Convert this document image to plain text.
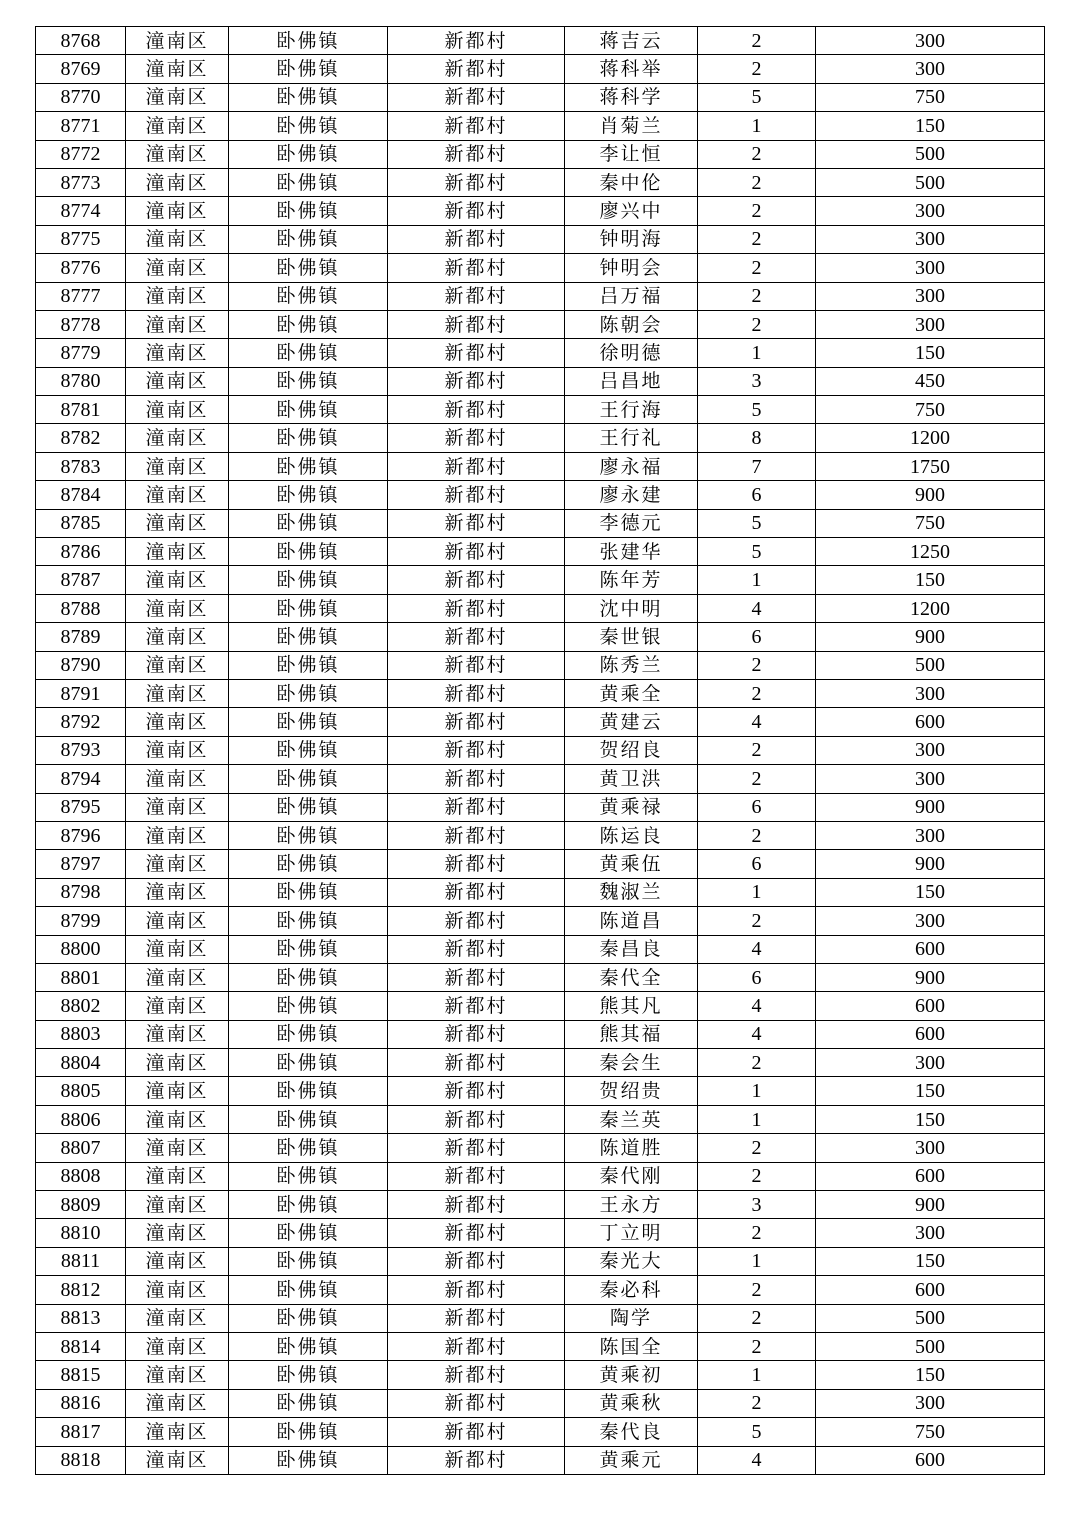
8768	潼南区	卧佛镇	新都村	蒋吉云	2	300
8769	潼南区	卧佛镇	新都村	蒋科举	2	300
8770	潼南区	卧佛镇	新都村	蒋科学	5	750
8771	潼南区	卧佛镇	新都村	肖菊兰	1	150
8772	潼南区	卧佛镇	新都村	李让恒	2	500
8773	潼南区	卧佛镇	新都村	秦中伦	2	500
8774	潼南区	卧佛镇	新都村	廖兴中	2	300
8775	潼南区	卧佛镇	新都村	钟明海	2	300
8776	潼南区	卧佛镇	新都村	钟明会	2	300
8777	潼南区	卧佛镇	新都村	吕万福	2	300
8778	潼南区	卧佛镇	新都村	陈朝会	2	300
8779	潼南区	卧佛镇	新都村	徐明德	1	150
8780	潼南区	卧佛镇	新都村	吕昌地	3	450
8781	潼南区	卧佛镇	新都村	王行海	5	750
8782	潼南区	卧佛镇	新都村	王行礼	8	1200
8783	潼南区	卧佛镇	新都村	廖永福	7	1750
8784	潼南区	卧佛镇	新都村	廖永建	6	900
8785	潼南区	卧佛镇	新都村	李德元	5	750
8786	潼南区	卧佛镇	新都村	张建华	5	1250
8787	潼南区	卧佛镇	新都村	陈年芳	1	150
8788	潼南区	卧佛镇	新都村	沈中明	4	1200
8789	潼南区	卧佛镇	新都村	秦世银	6	900
8790	潼南区	卧佛镇	新都村	陈秀兰	2	500
8791	潼南区	卧佛镇	新都村	黄乘全	2	300
8792	潼南区	卧佛镇	新都村	黄建云	4	600
8793	潼南区	卧佛镇	新都村	贺绍良	2	300
8794	潼南区	卧佛镇	新都村	黄卫洪	2	300
8795	潼南区	卧佛镇	新都村	黄乘禄	6	900
8796	潼南区	卧佛镇	新都村	陈运良	2	300
8797	潼南区	卧佛镇	新都村	黄乘伍	6	900
8798	潼南区	卧佛镇	新都村	魏淑兰	1	150
8799	潼南区	卧佛镇	新都村	陈道昌	2	300
8800	潼南区	卧佛镇	新都村	秦昌良	4	600
8801	潼南区	卧佛镇	新都村	秦代全	6	900
8802	潼南区	卧佛镇	新都村	熊其凡	4	600
8803	潼南区	卧佛镇	新都村	熊其福	4	600
8804	潼南区	卧佛镇	新都村	秦会生	2	300
8805	潼南区	卧佛镇	新都村	贺绍贵	1	150
8806	潼南区	卧佛镇	新都村	秦兰英	1	150
8807	潼南区	卧佛镇	新都村	陈道胜	2	300
8808	潼南区	卧佛镇	新都村	秦代刚	2	600
8809	潼南区	卧佛镇	新都村	王永方	3	900
8810	潼南区	卧佛镇	新都村	丁立明	2	300
8811	潼南区	卧佛镇	新都村	秦光大	1	150
8812	潼南区	卧佛镇	新都村	秦必科	2	600
8813	潼南区	卧佛镇	新都村	陶学	2	500
8814	潼南区	卧佛镇	新都村	陈国全	2	500
8815	潼南区	卧佛镇	新都村	黄乘初	1	150
8816	潼南区	卧佛镇	新都村	黄乘秋	2	300
8817	潼南区	卧佛镇	新都村	秦代良	5	750
8818	潼南区	卧佛镇	新都村	黄乘元	4	600
